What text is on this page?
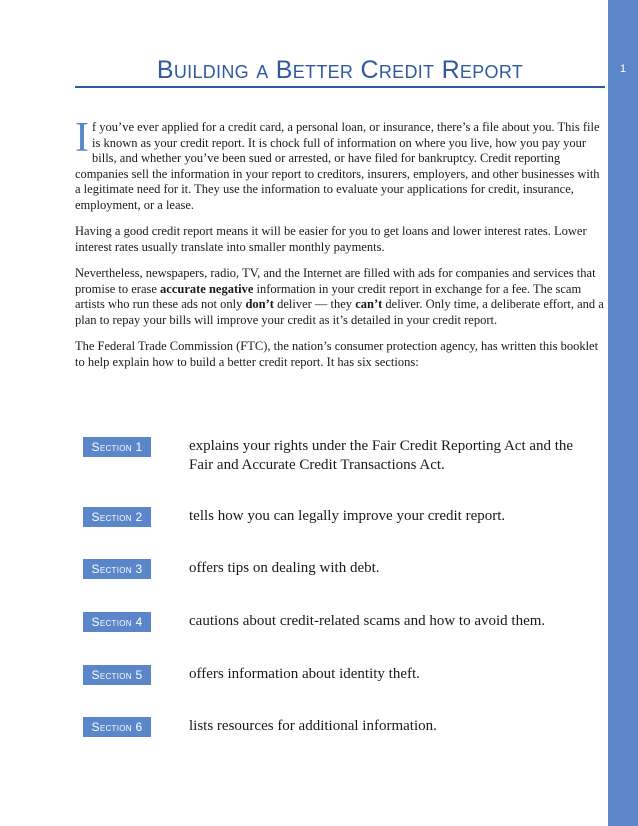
1
Building a Better Credit Report

If you’ve ever applied for a credit card, a personal loan, or insurance, there’s a file about you. This file is known as your credit report. It is chock full of information on where you live, how you pay your bills, and whether you’ve been sued or arrested, or have filed for bankruptcy. Credit reporting companies sell the information in your report to creditors, insurers, employers, and other businesses with a legitimate need for it. They use the information to evaluate your applications for credit, insurance, employment, or a lease.

Having a good credit report means it will be easier for you to get loans and lower interest rates. Lower interest rates usually translate into smaller monthly payments.

Nevertheless, newspapers, radio, TV, and the Internet are filled with ads for companies and services that promise to erase accurate negative information in your credit report in exchange for a fee. The scam artists who run these ads not only don’t deliver — they can’t deliver. Only time, a deliberate effort, and a plan to repay your bills will improve your credit as it’s detailed in your credit report.

The Federal Trade Commission (FTC), the nation’s consumer protection agency, has written this booklet to help explain how to build a better credit report. It has six sections:

Section 1	explains your rights under the Fair Credit Reporting Act and the Fair and Accurate Credit Transactions Act.
Section 2	tells how you can legally improve your credit report.
Section 3	offers tips on dealing with debt.
Section 4	cautions about credit-related scams and how to avoid them.
Section 5	offers information about identity theft.
Section 6	lists resources for additional information.
